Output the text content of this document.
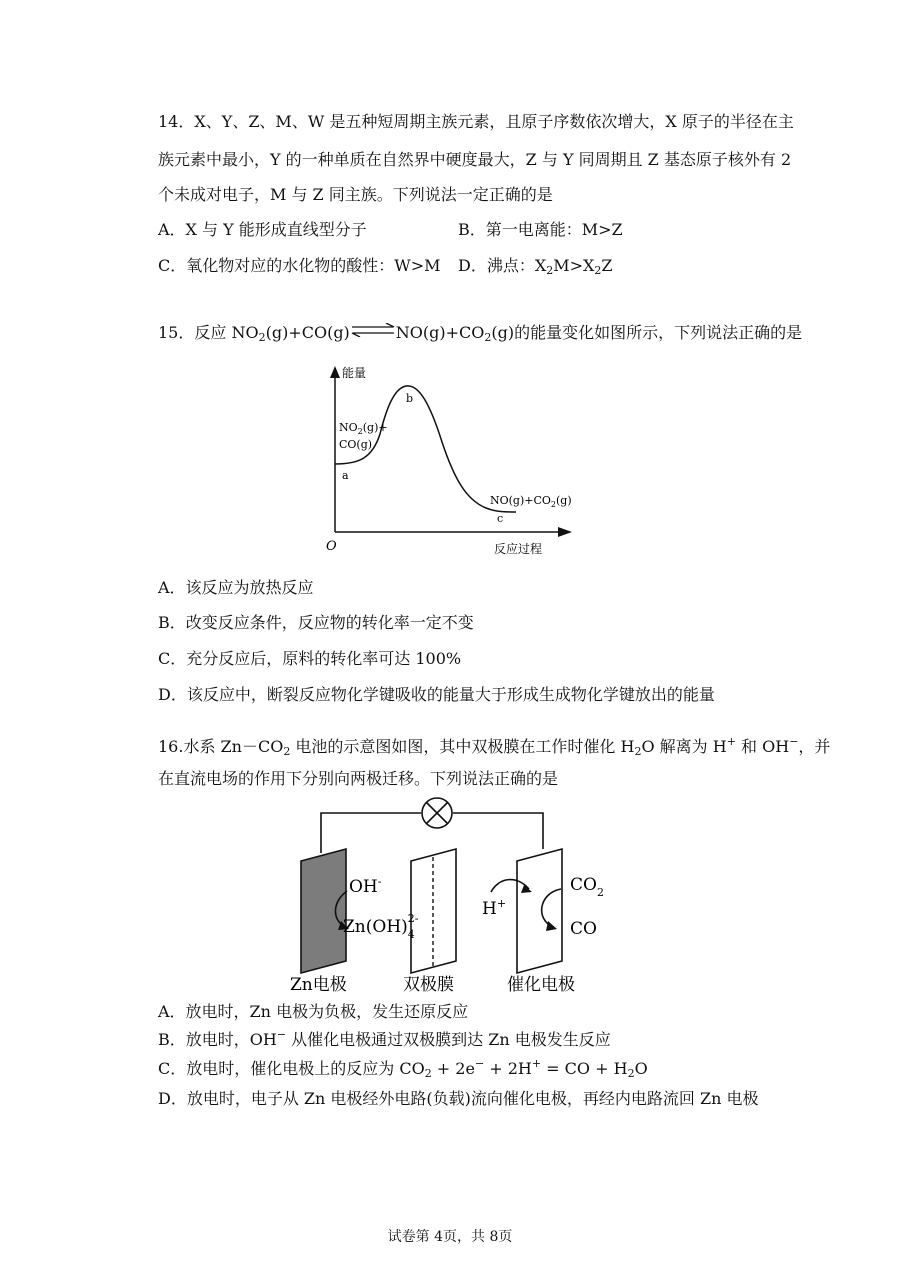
14．X、Y、Z、M、W 是五种短周期主族元素，且原子序数依次增大，X 原子的半径在主
族元素中最小，Y 的一种单质在自然界中硬度最大，Z 与 Y 同周期且 Z 基态原子核外有 2
个未成对电子，M 与 Z 同主族。下列说法一定正确的是
A．X 与 Y 能形成直线型分子	B．第一电离能：M>Z
C．氧化物对应的水化物的酸性：W>M D．沸点：$X_2M>X_2Z$
15．反应 $NO_2(g)+CO(g)\rightleftharpoons NO(g)+CO_2(g)$的能量变化如图所示，下列说法正确的是
能量
反应过程
O
$NO_2(g)+$
CO(g)
a
b
$NO(g)+CO_2(g)$
c
A．该反应为放热反应
B．改变反应条件，反应物的转化率一定不变
C．充分反应后，原料的转化率可达 100%
D．该反应中，断裂反应物化学键吸收的能量大于形成生成物化学键放出的能量
16.水系 $Zn-CO_2$ 电池的示意图如图，其中双极膜在工作时催化 $H_2O$ 解离为 H+ 和 OH−，并
在直流电场的作用下分别向两极迁移。下列说法正确的是
OH-
$Zn(OH)_42-$	H+
$CO_2$
CO
Zn电极	双极膜	催化电极
A．放电时，Zn 电极为负极，发生还原反应
B．放电时，OH− 从催化电极通过双极膜到达 Zn 电极发生反应
C．放电时，催化电极上的反应为 $CO_2 + 2e^- + 2H^+$ = CO + $H_2O$
D．放电时，电子从 Zn 电极经外电路(负载)流向催化电极，再经内电路流回 Zn 电极
试卷第 4页，共 8页
